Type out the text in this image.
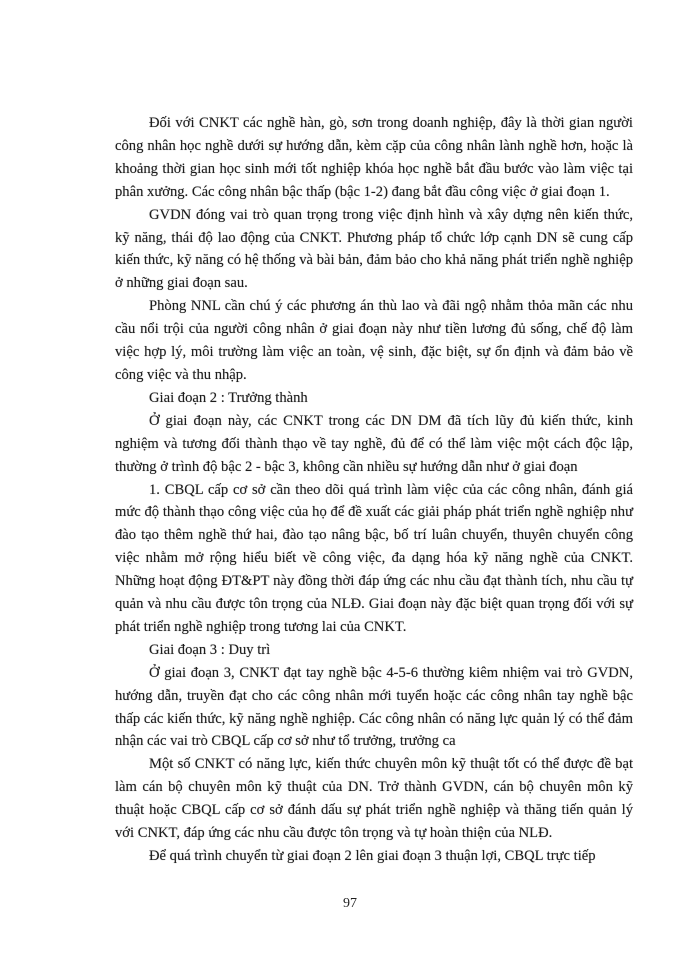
Đối với CNKT các nghề hàn, gò, sơn trong doanh nghiệp, đây là thời gian người công nhân học nghề dưới sự hướng dẫn, kèm cặp của công nhân lành nghề hơn, hoặc là khoảng thời gian học sinh mới tốt nghiệp khóa học nghề bắt đầu bước vào làm việc tại phân xưởng. Các công nhân bậc thấp (bậc 1-2) đang bắt đầu công việc ở giai đoạn 1.

GVDN đóng vai trò quan trọng trong việc định hình và xây dựng nên kiến thức, kỹ năng, thái độ lao động của CNKT. Phương pháp tổ chức lớp cạnh DN sẽ cung cấp kiến thức, kỹ năng có hệ thống và bài bản, đảm bảo cho khả năng phát triển nghề nghiệp ở những giai đoạn sau.

Phòng NNL cần chú ý các phương án thù lao và đãi ngộ nhằm thỏa mãn các nhu cầu nổi trội của người công nhân ở giai đoạn này như tiền lương đủ sống, chế độ làm việc hợp lý, môi trường làm việc an toàn, vệ sinh, đặc biệt, sự ổn định và đảm bảo về công việc và thu nhập.

Giai đoạn 2 : Trưởng thành

Ở giai đoạn này, các CNKT trong các DN DM đã tích lũy đủ kiến thức, kinh nghiệm và tương đối thành thạo về tay nghề, đủ để có thể làm việc một cách độc lập, thường ở trình độ bậc 2 - bậc 3, không cần nhiều sự hướng dẫn như ở giai đoạn

1. CBQL cấp cơ sở cần theo dõi quá trình làm việc của các công nhân, đánh giá mức độ thành thạo công việc của họ để đề xuất các giải pháp phát triển nghề nghiệp như đào tạo thêm nghề thứ hai, đào tạo nâng bậc, bố trí luân chuyển, thuyên chuyển công việc nhằm mở rộng hiểu biết về công việc, đa dạng hóa kỹ năng nghề của CNKT. Những hoạt động ĐT&PT này đồng thời đáp ứng các nhu cầu đạt thành tích, nhu cầu tự quản và nhu cầu được tôn trọng của NLĐ. Giai đoạn này đặc biệt quan trọng đối với sự phát triển nghề nghiệp trong tương lai của CNKT.

Giai đoạn 3 : Duy trì

Ở giai đoạn 3, CNKT đạt tay nghề bậc 4-5-6 thường kiêm nhiệm vai trò GVDN, hướng dẫn, truyền đạt cho các công nhân mới tuyển hoặc các công nhân tay nghề bậc thấp các kiến thức, kỹ năng nghề nghiệp. Các công nhân có năng lực quản lý có thể đảm nhận các vai trò CBQL cấp cơ sở như tổ trưởng, trưởng ca

Một số CNKT có năng lực, kiến thức chuyên môn kỹ thuật tốt có thể được đề bạt làm cán bộ chuyên môn kỹ thuật của DN. Trở thành GVDN, cán bộ chuyên môn kỹ thuật hoặc CBQL cấp cơ sở đánh dấu sự phát triển nghề nghiệp và thăng tiến quản lý với CNKT, đáp ứng các nhu cầu được tôn trọng và tự hoàn thiện của NLĐ.

Để quá trình chuyển từ giai đoạn 2 lên giai đoạn 3 thuận lợi, CBQL trực tiếp

97
